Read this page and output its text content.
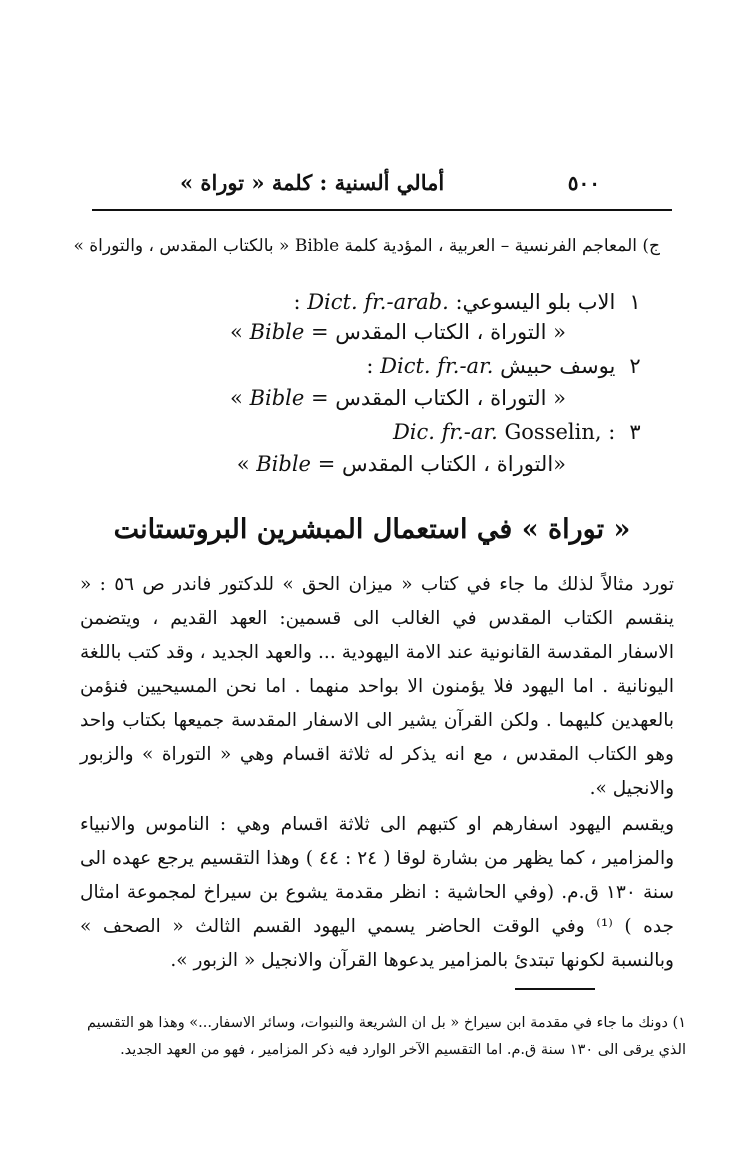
أمالي ألسنية : كلمة « توراة »	٥٠٠
ج) المعاجم الفرنسية – العربية ، المؤدية كلمة Bible « بالكتاب المقدس ، والتوراة »
١ الاب بلو اليسوعي: Dict. fr.-arab. :
« التوراة ، الكتاب المقدس = Bible »
٢ يوسف حبيش Dict. fr.-ar. :
« التوراة ، الكتاب المقدس = Bible »
٣ : Dic. fr.-ar. Gosselin,
«التوراة ، الكتاب المقدس = Bible »
« توراة » في استعمال المبشرين البروتستانت

تورد مثالاً لذلك ما جاء في كتاب « ميزان الحق » للدكتور فاندر ص ٥٦ : « ينقسم الكتاب المقدس في الغالب الى قسمين: العهد القديم ، ويتضمن الاسفار المقدسة القانونية عند الامة اليهودية ... والعهد الجديد ، وقد كتب باللغة اليونانية . اما اليهود فلا يؤمنون الا بواحد منهما . اما نحن المسيحيين فنؤمن بالعهدين كليهما . ولكن القرآن يشير الى الاسفار المقدسة جميعها بكتاب واحد وهو الكتاب المقدس ، مع انه يذكر له ثلاثة اقسام وهي « التوراة » والزبور والانجيل ».

ويقسم اليهود اسفارهم او كتبهم الى ثلاثة اقسام وهي : الناموس والانبياء والمزامير ، كما يظهر من بشارة لوقا ( ٢٤ : ٤٤ ) وهذا التقسيم يرجع عهده الى سنة ١٣٠ ق.م. (وفي الحاشية : انظر مقدمة يشوع بن سيراخ لمجموعة امثال جده ) ⁽¹⁾ وفي الوقت الحاضر يسمي اليهود القسم الثالث « الصحف » وبالنسبة لكونها تبتدئ بالمزامير يدعوها القرآن والانجيل « الزبور ».

١) دونك ما جاء في مقدمة ابن سيراخ « بل ان الشريعة والنبوات، وسائر الاسفار...» وهذا هو التقسيم الذي يرقى الى ١٣٠ سنة ق.م. اما التقسيم الآخر الوارد فيه ذكر المزامير ، فهو من العهد الجديد.
